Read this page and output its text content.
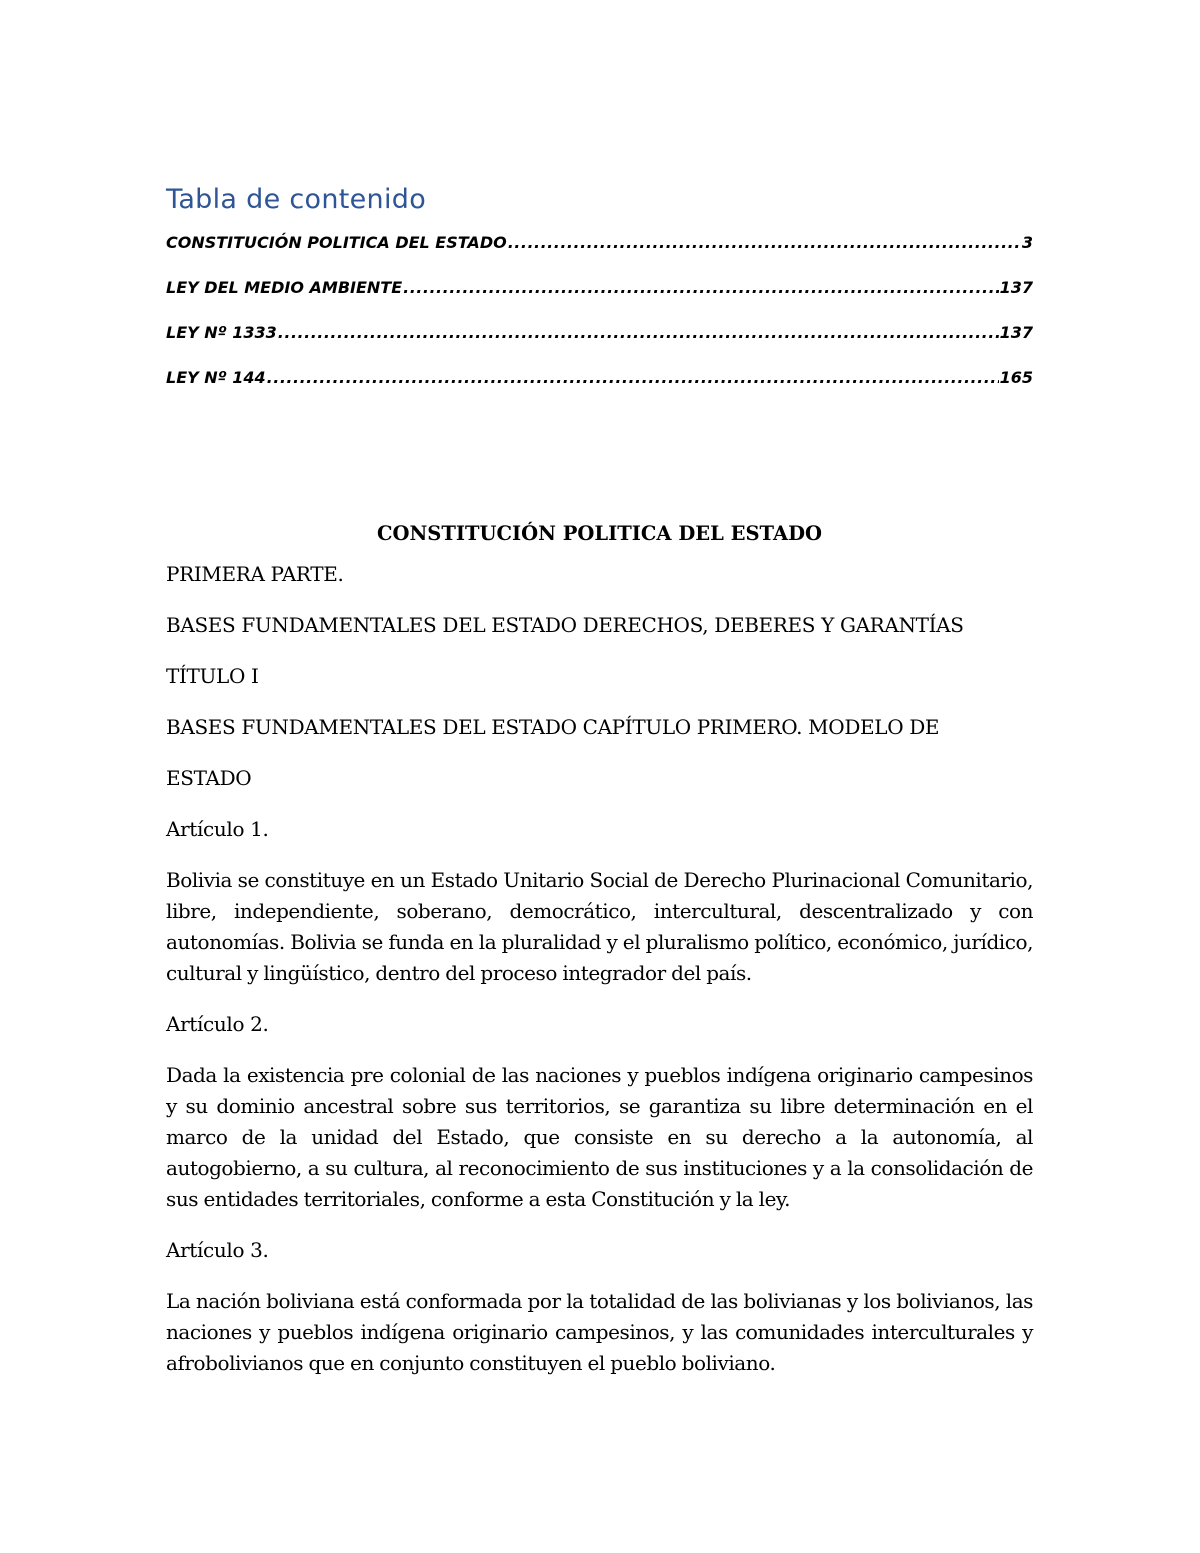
Tabla de contenido
CONSTITUCIÓN POLITICA DEL ESTADO .....	3
LEY DEL MEDIO AMBIENTE .....	137
LEY Nº 1333 .....	137
LEY Nº 144 .....	165
CONSTITUCIÓN POLITICA DEL ESTADO

PRIMERA PARTE.

BASES FUNDAMENTALES DEL ESTADO DERECHOS, DEBERES Y GARANTÍAS

TÍTULO I

BASES FUNDAMENTALES DEL ESTADO CAPÍTULO PRIMERO. MODELO DE

ESTADO

Artículo 1.

Bolivia se constituye en un Estado Unitario Social de Derecho Plurinacional Comunitario, libre, independiente, soberano, democrático, intercultural, descentralizado y con autonomías. Bolivia se funda en la pluralidad y el pluralismo político, económico, jurídico, cultural y lingüístico, dentro del proceso integrador del país.

Artículo 2.

Dada la existencia pre colonial de las naciones y pueblos indígena originario campesinos y su dominio ancestral sobre sus territorios, se garantiza su libre determinación en el marco de la unidad del Estado, que consiste en su derecho a la autonomía, al autogobierno, a su cultura, al reconocimiento de sus instituciones y a la consolidación de sus entidades territoriales, conforme a esta Constitución y la ley.

Artículo 3.

La nación boliviana está conformada por la totalidad de las bolivianas y los bolivianos, las naciones y pueblos indígena originario campesinos, y las comunidades interculturales y afrobolivianos que en conjunto constituyen el pueblo boliviano.
